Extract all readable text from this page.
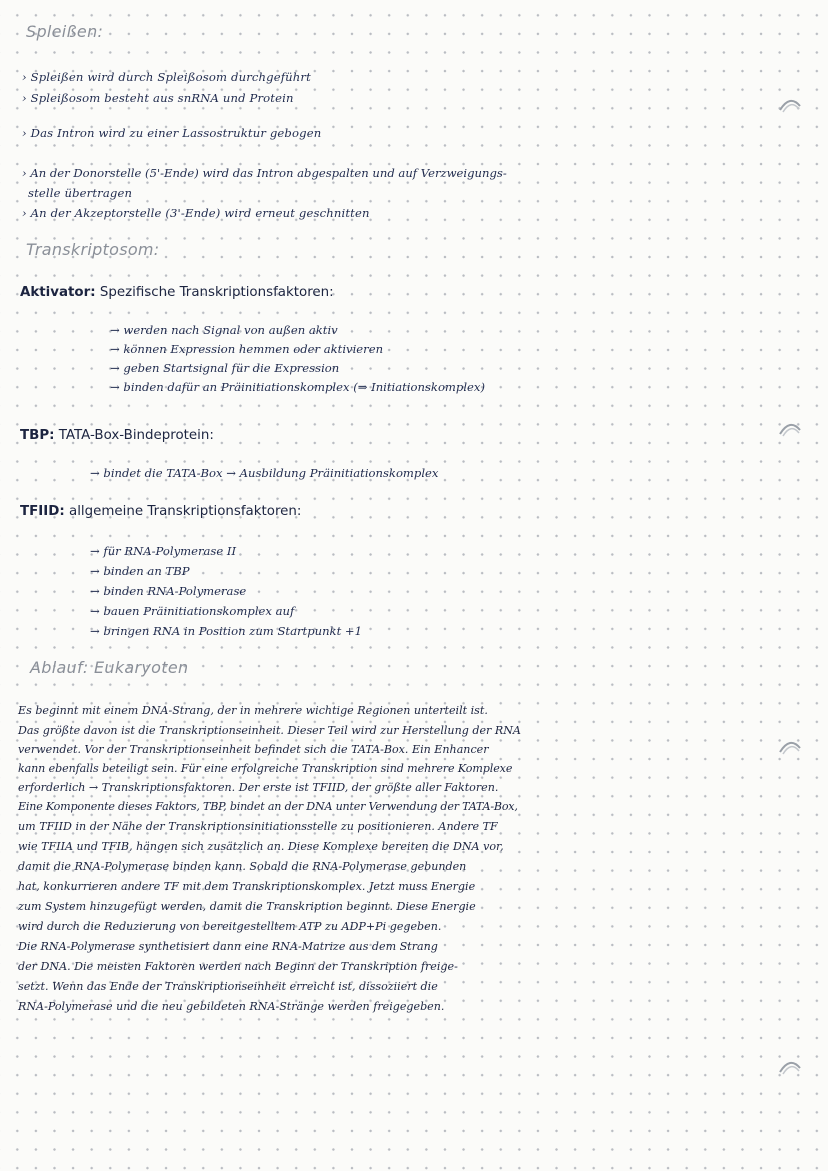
Spleißen:

› Spleißen wird durch Spleißosom durchgeführt

› Spleißosom besteht aus snRNA und Protein

› Das Intron wird zu einer Lassostruktur gebogen

› An der Donorstelle (5'-Ende) wird das Intron abgespalten und auf Verzweigungs-

stelle übertragen

› An der Akzeptorstelle (3'-Ende) wird erneut geschnitten

Transkriptosom:

Aktivator: Spezifische Transkriptionsfaktoren:

→ werden nach Signal von außen aktiv

→ können Expression hemmen oder aktivieren

→ geben Startsignal für die Expression

→ binden dafür an Präinitiationskomplex (⇒ Initiationskomplex)

TBP: TATA-Box-Bindeprotein:

→ bindet die TATA-Box → Ausbildung Präinitiationskomplex

TFIID: allgemeine Transkriptionsfaktoren:

→ für RNA-Polymerase II

→ binden an TBP

→ binden RNA-Polymerase

→ bauen Präinitiationskomplex auf

→ bringen RNA in Position zum Startpunkt +1

Ablauf: Eukaryoten

Es beginnt mit einem DNA-Strang, der in mehrere wichtige Regionen unterteilt ist.

Das größte davon ist die Transkriptionseinheit. Dieser Teil wird zur Herstellung der RNA

verwendet. Vor der Transkriptionseinheit befindet sich die TATA-Box. Ein Enhancer

kann ebenfalls beteiligt sein. Für eine erfolgreiche Transkription sind mehrere Komplexe

erforderlich → Transkriptionsfaktoren. Der erste ist TFIID, der größte aller Faktoren.

Eine Komponente dieses Faktors, TBP, bindet an der DNA unter Verwendung der TATA-Box,

um TFIID in der Nähe der Transkriptionsinitiationsstelle zu positionieren. Andere TF

wie TFIIA und TFIB, hängen sich zusätzlich an. Diese Komplexe bereiten die DNA vor,

damit die RNA-Polymerase binden kann. Sobald die RNA-Polymerase gebunden

hat, konkurrieren andere TF mit dem Transkriptionskomplex. Jetzt muss Energie

zum System hinzugefügt werden, damit die Transkription beginnt. Diese Energie

wird durch die Reduzierung von bereitgestelltem ATP zu ADP+Pi gegeben.

Die RNA-Polymerase synthetisiert dann eine RNA-Matrize aus dem Strang

der DNA. Die meisten Faktoren werden nach Beginn der Transkription freige-

setzt. Wenn das Ende der Transkriptionseinheit erreicht ist, dissoziiert die

RNA-Polymerase und die neu gebildeten RNA-Stränge werden freigegeben.
